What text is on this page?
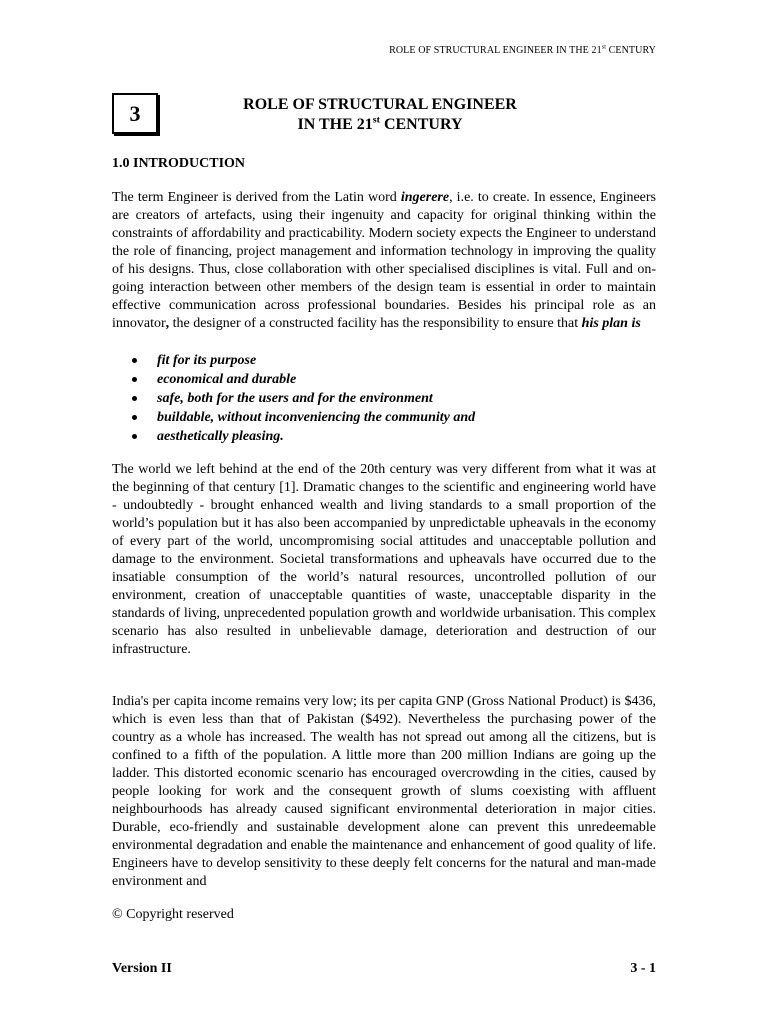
ROLE OF STRUCTURAL ENGINEER IN THE 21st CENTURY
3	ROLE OF STRUCTURAL ENGINEER
IN THE 21st CENTURY
1.0 INTRODUCTION

The term Engineer is derived from the Latin word ingerere, i.e. to create. In essence, Engineers are creators of artefacts, using their ingenuity and capacity for original thinking within the constraints of affordability and practicability. Modern society expects the Engineer to understand the role of financing, project management and information technology in improving the quality of his designs. Thus, close collaboration with other specialised disciplines is vital. Full and on-going interaction between other members of the design team is essential in order to maintain effective communication across professional boundaries. Besides his principal role as an innovator, the designer of a constructed facility has the responsibility to ensure that his plan is

fit for its purpose
economical and durable
safe, both for the users and for the environment
buildable, without inconveniencing the community and
aesthetically pleasing.

The world we left behind at the end of the 20th century was very different from what it was at the beginning of that century [1]. Dramatic changes to the scientific and engineering world have - undoubtedly - brought enhanced wealth and living standards to a small proportion of the world’s population but it has also been accompanied by unpredictable upheavals in the economy of every part of the world, uncompromising social attitudes and unacceptable pollution and damage to the environment. Societal transformations and upheavals have occurred due to the insatiable consumption of the world’s natural resources, uncontrolled pollution of our environment, creation of unacceptable quantities of waste, unacceptable disparity in the standards of living, unprecedented population growth and worldwide urbanisation. This complex scenario has also resulted in unbelievable damage, deterioration and destruction of our infrastructure.

India's per capita income remains very low; its per capita GNP (Gross National Product) is $436, which is even less than that of Pakistan ($492). Nevertheless the purchasing power of the country as a whole has increased. The wealth has not spread out among all the citizens, but is confined to a fifth of the population. A little more than 200 million Indians are going up the ladder. This distorted economic scenario has encouraged overcrowding in the cities, caused by people looking for work and the consequent growth of slums coexisting with affluent neighbourhoods has already caused significant environmental deterioration in major cities. Durable, eco-friendly and sustainable development alone can prevent this unredeemable environmental degradation and enable the maintenance and enhancement of good quality of life. Engineers have to develop sensitivity to these deeply felt concerns for the natural and man-made environment and

© Copyright reserved
Version II	3 - 1
